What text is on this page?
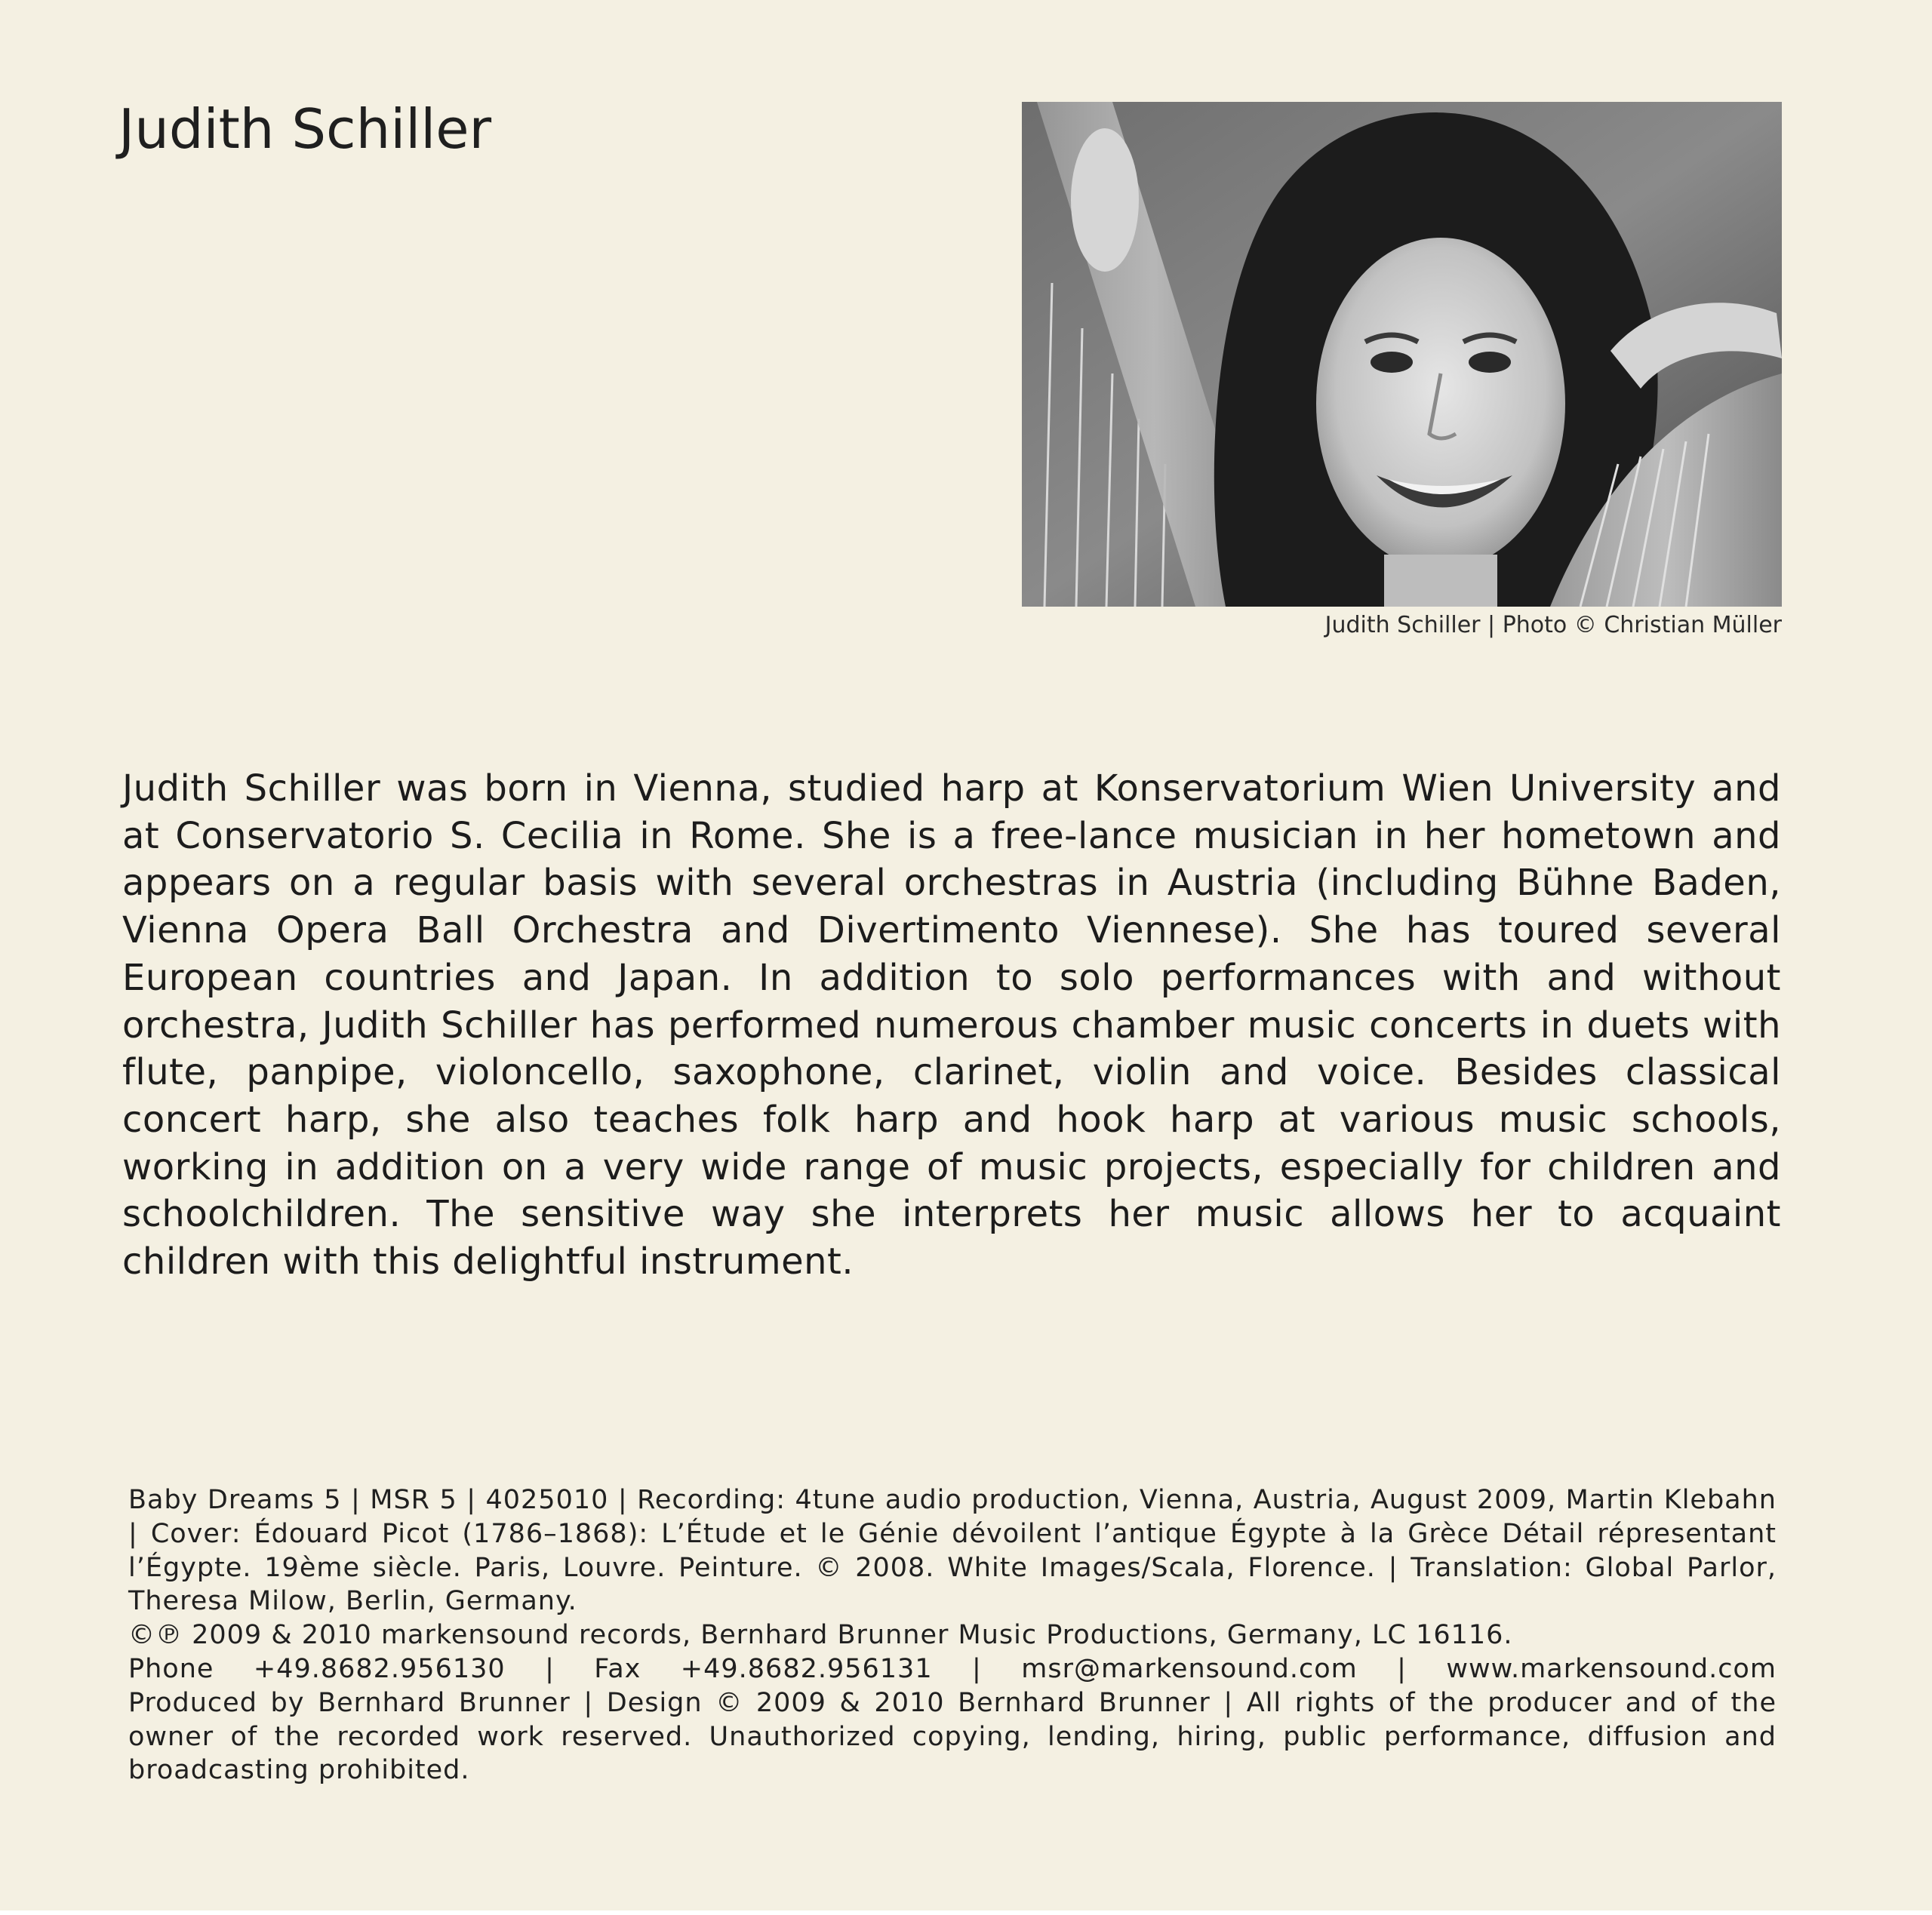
Judith Schiller
Judith Schiller | Photo © Christian Müller

Judith Schiller was born in Vienna, studied harp at Konservatorium Wien University and at Conservatorio S. Cecilia in Rome. She is a free-lance musician in her hometown and appears on a regular basis with several orchestras in Austria (including Bühne Baden, Vienna Opera Ball Orchestra and Divertimento Viennese). She has toured several European countries and Japan. In addition to solo performances with and without orchestra, Judith Schiller has performed numerous chamber music concerts in duets with flute, panpipe, violoncello, saxophone, clarinet, violin and voice. Besides classical concert harp, she also teaches folk harp and hook harp at various music schools, working in addition on a very wide range of music projects, especially for children and schoolchildren. The sensitive way she interprets her music allows her to acquaint children with this delightful instrument.

Baby Dreams 5 | MSR 5 | 4025010 | Recording: 4tune audio production, Vienna, Austria, August 2009, Martin Klebahn | Cover: Édouard Picot (1786–1868): L’Étude et le Génie dévoilent l’antique Égypte à la Grèce Détail répresentant l’Égypte. 19ème siècle. Paris, Louvre. Peinture. © 2008. White Images/Scala, Florence. | Translation: Global Parlor, Theresa Milow, Berlin, Germany.

©℗ 2009 & 2010 markensound records, Bernhard Brunner Music Productions, Germany, LC 16116.

Phone +49.8682.956130 | Fax +49.8682.956131 | msr@markensound.com | www.markensound.com

Produced by Bernhard Brunner | Design © 2009 & 2010 Bernhard Brunner | All rights of the producer and of the owner of the recorded work reserved. Unauthorized copying, lending, hiring, public performance, diffusion and broadcasting prohibited.
